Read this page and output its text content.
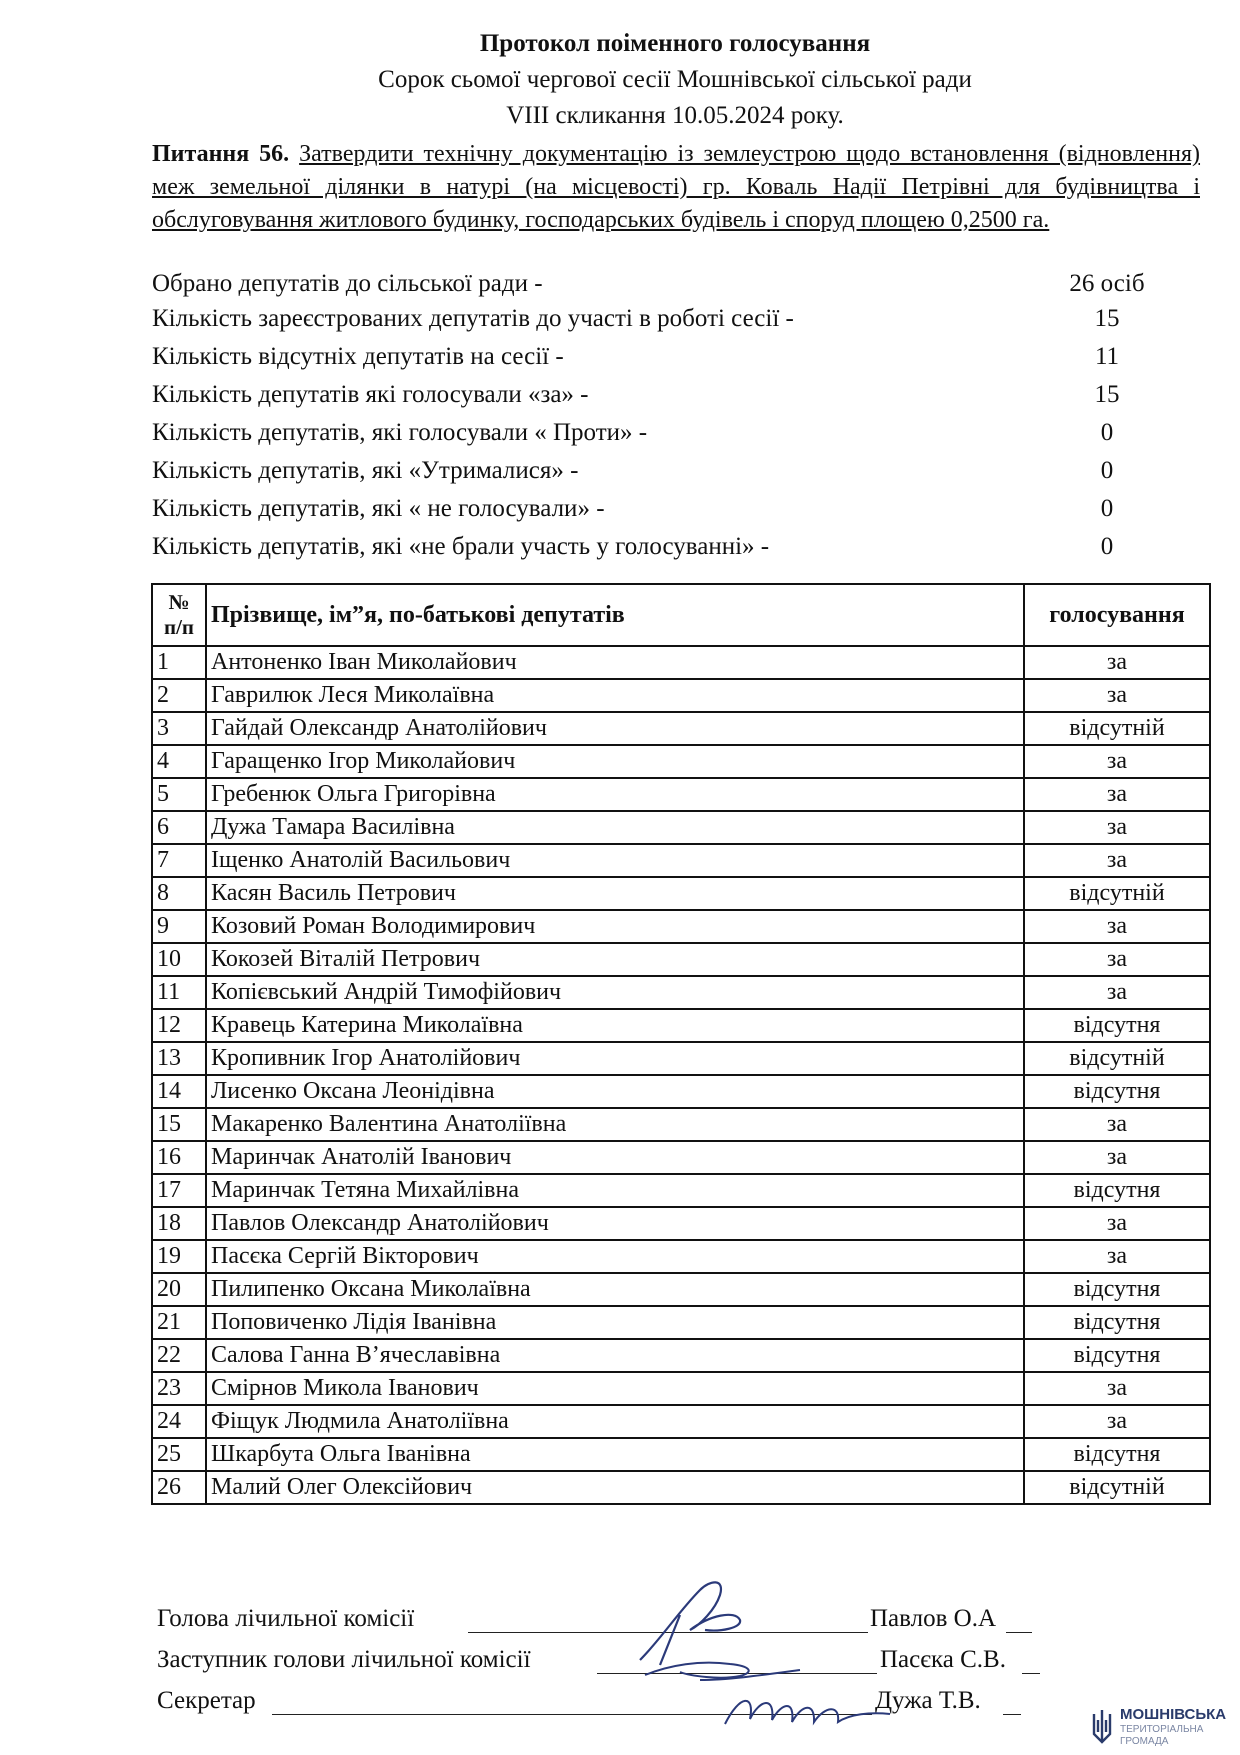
Протокол поіменного голосування
Сорок сьомої чергової сесії Мошнівської сільської ради
VIII скликання 10.05.2024 року.
Питання 56. Затвердити технічну документацію із землеустрою щодо встановлення (відновлення) меж земельної ділянки в натурі (на місцевості) гр. Коваль Надії Петрівні для будівництва і обслуговування житлового будинку, господарських будівель і споруд площею 0,2500 га.
Обрано депутатів до сільської ради -	26 осіб
Кількість зареєстрованих депутатів до участі в роботі сесії -	15
Кількість відсутніх депутатів на сесії -	11
Кількість депутатів які голосували «за» -	15
Кількість депутатів, які голосували « Проти» -	0
Кількість депутатів, які «Утрималися» -	0
Кількість депутатів, які « не голосували» -	0
Кількість депутатів, які «не брали участь у голосуванні» -	0
№
п/п	Прізвище, ім”я, по-батькові депутатів	голосування
1	Антоненко Іван Миколайович	за
2	Гаврилюк Леся Миколаївна	за
3	Гайдай Олександр Анатолійович	відсутній
4	Гаращенко Ігор Миколайович	за
5	Гребенюк Ольга Григорівна	за
6	Дужа Тамара Василівна	за
7	Іщенко Анатолій Васильович	за
8	Касян Василь Петрович	відсутній
9	Козовий Роман Володимирович	за
10	Кокозей Віталій Петрович	за
11	Копієвський Андрій Тимофійович	за
12	Кравець Катерина Миколаївна	відсутня
13	Кропивник Ігор Анатолійович	відсутній
14	Лисенко Оксана Леонідівна	відсутня
15	Макаренко Валентина Анатоліївна	за
16	Маринчак Анатолій Іванович	за
17	Маринчак Тетяна Михайлівна	відсутня
18	Павлов Олександр Анатолійович	за
19	Пасєка Сергій Вікторович	за
20	Пилипенко Оксана Миколаївна	відсутня
21	Поповиченко Лідія Іванівна	відсутня
22	Салова Ганна В’ячеславівна	відсутня
23	Смірнов Микола Іванович	за
24	Фіщук Людмила Анатоліївна	за
25	Шкарбута Ольга Іванівна	відсутня
26	Малий Олег Олексійович	відсутній
Голова лічильної комісії	Павлов О.А
Заступник голови лічильної комісії	Пасєка С.В.
Секретар	Дужа Т.В.
МОШНІВСЬКА
ТЕРИТОРІАЛЬНА
ГРОМАДА
